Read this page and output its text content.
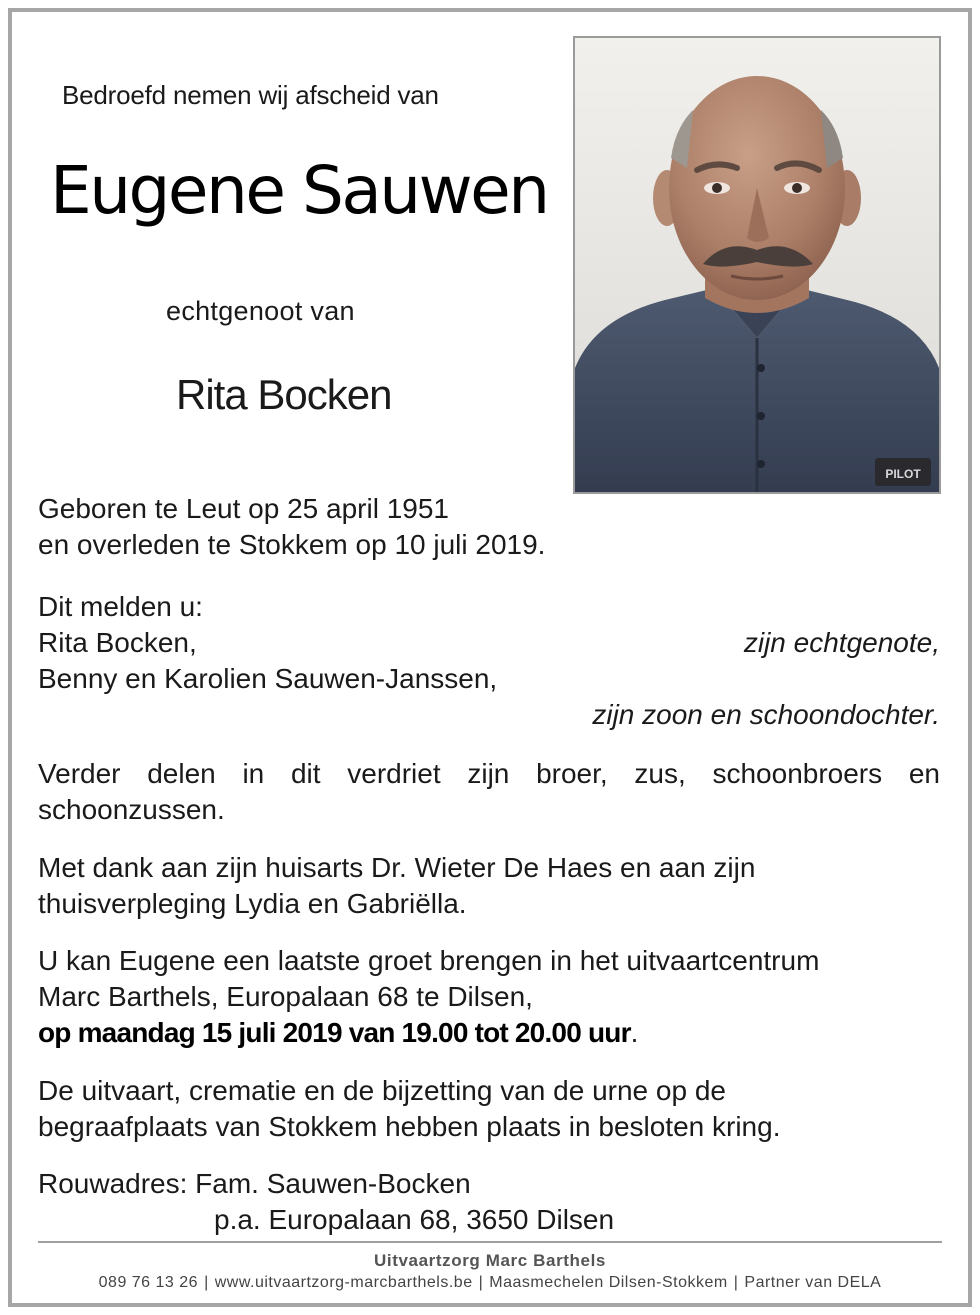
Bedroefd nemen wij afscheid van
Eugene Sauwen
echtgenoot van
Rita Bocken
PILOT
Geboren te Leut op 25 april 1951
en overleden te Stokkem op 10 juli 2019.
Dit melden u:
Rita Bocken,	zijn echtgenote,
Benny en Karolien Sauwen-Janssen,
zijn zoon en schoondochter.
Verder delen in dit verdriet zijn broer, zus, schoonbroers en
schoonzussen.
Met dank aan zijn huisarts Dr. Wieter De Haes en aan zijn
thuisverpleging Lydia en Gabriëlla.
U kan Eugene een laatste groet brengen in het uitvaartcentrum
Marc Barthels, Europalaan 68 te Dilsen,
op maandag 15 juli 2019 van 19.00 tot 20.00 uur.
De uitvaart, crematie en de bijzetting van de urne op de
begraafplaats van Stokkem hebben plaats in besloten kring.
Rouwadres: Fam. Sauwen-Bocken
p.a. Europalaan 68, 3650 Dilsen
Uitvaartzorg Marc Barthels
089 76 13 26 | www.uitvaartzorg-marcbarthels.be | Maasmechelen Dilsen-Stokkem | Partner van DELA
